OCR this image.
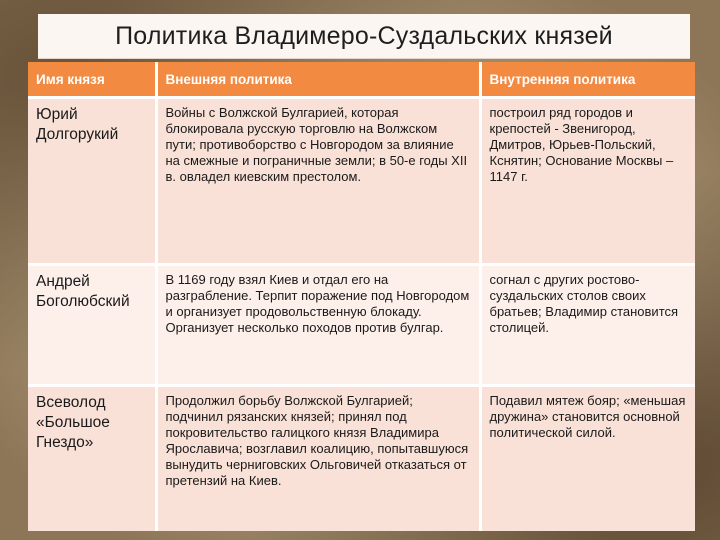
Политика Владимеро-Суздальских князей
Имя князя	Внешняя политика	Внутренняя политика
Юрий Долгорукий	Войны с Волжской Булгарией, которая блокировала русскую торговлю на Волжском пути; противоборство с Новгородом за влияние на смежные и пограничные земли; в 50-е годы XII в. овладел киевским престолом.	построил ряд городов и крепостей - Звенигород, Дмитров, Юрьев-Польский, Кснятин; Основание Москвы – 1147 г.
Андрей Боголюбский	В 1169 году взял Киев и отдал его на разграбление. Терпит поражение под Новгородом и организует продовольственную блокаду. Организует несколько походов против булгар.	согнал с других ростово-суздальских столов своих братьев; Владимир становится столицей.
Всеволод «Большое Гнездо»	Продолжил борьбу Волжской Булгарией; подчинил рязанских князей; принял под покровительство галицкого князя Владимира Ярославича; возглавил коалицию, попытавшуюся вынудить черниговских Ольговичей отказаться от претензий на Киев.	Подавил мятеж бояр; «меньшая дружина» становится основной политической силой.
